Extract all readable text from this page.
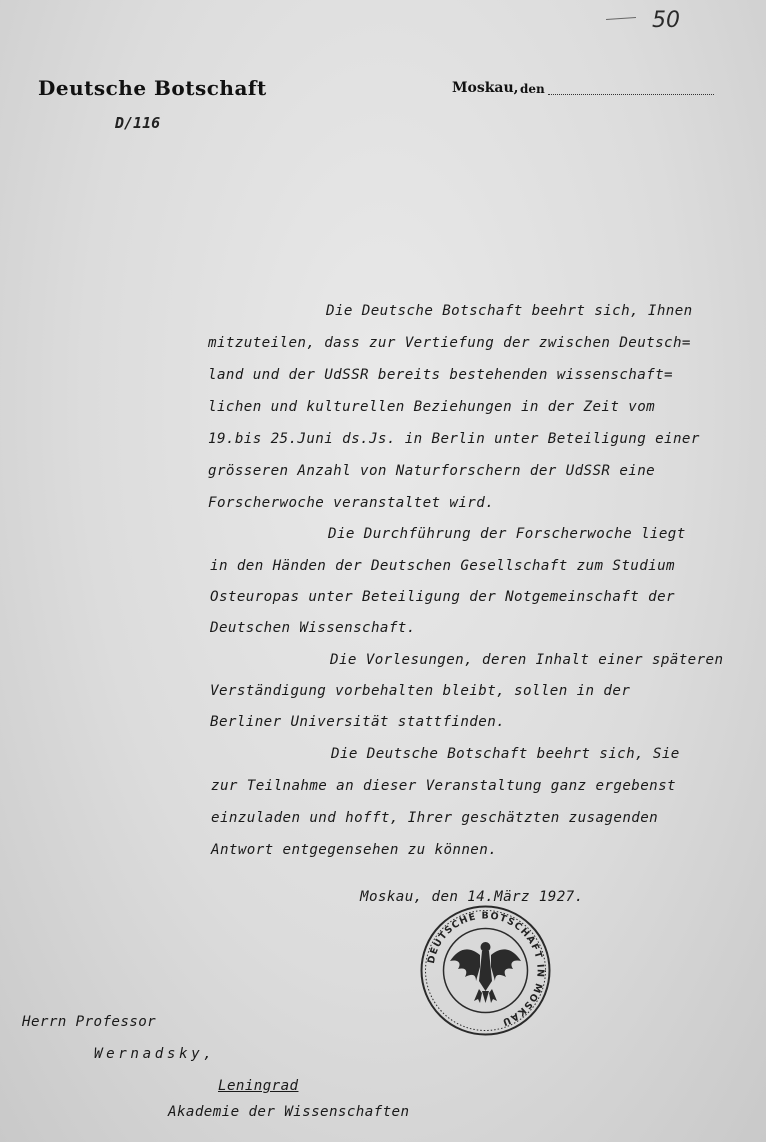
50
Deutsche Botschaft
D/116
Moskau, den
Die Deutsche Botschaft beehrt sich, Ihnen
mitzuteilen, dass zur Vertiefung der zwischen Deutsch=
land und der UdSSR bereits bestehenden wissenschaft=
lichen und kulturellen Beziehungen in der Zeit vom
19.bis 25.Juni ds.Js. in Berlin unter Beteiligung einer
grösseren Anzahl von Naturforschern der UdSSR eine
Forscherwoche veranstaltet wird.
Die Durchführung der Forscherwoche liegt
in den Händen der Deutschen Gesellschaft zum Studium
Osteuropas unter Beteiligung der Notgemeinschaft der
Deutschen Wissenschaft.
Die Vorlesungen, deren Inhalt einer späteren
Verständigung vorbehalten bleibt, sollen in der
Berliner Universität stattfinden.
Die Deutsche Botschaft beehrt sich, Sie
zur Teilnahme an dieser Veranstaltung ganz ergebenst
einzuladen und hofft, Ihrer geschätzten zusagenden
Antwort entgegensehen zu können.
Moskau, den 14.März 1927.
DEUTSCHE BOTSCHAFT IN MOSKAU
Herrn Professor
Wernadsky,
Leningrad
Akademie der Wissenschaften
